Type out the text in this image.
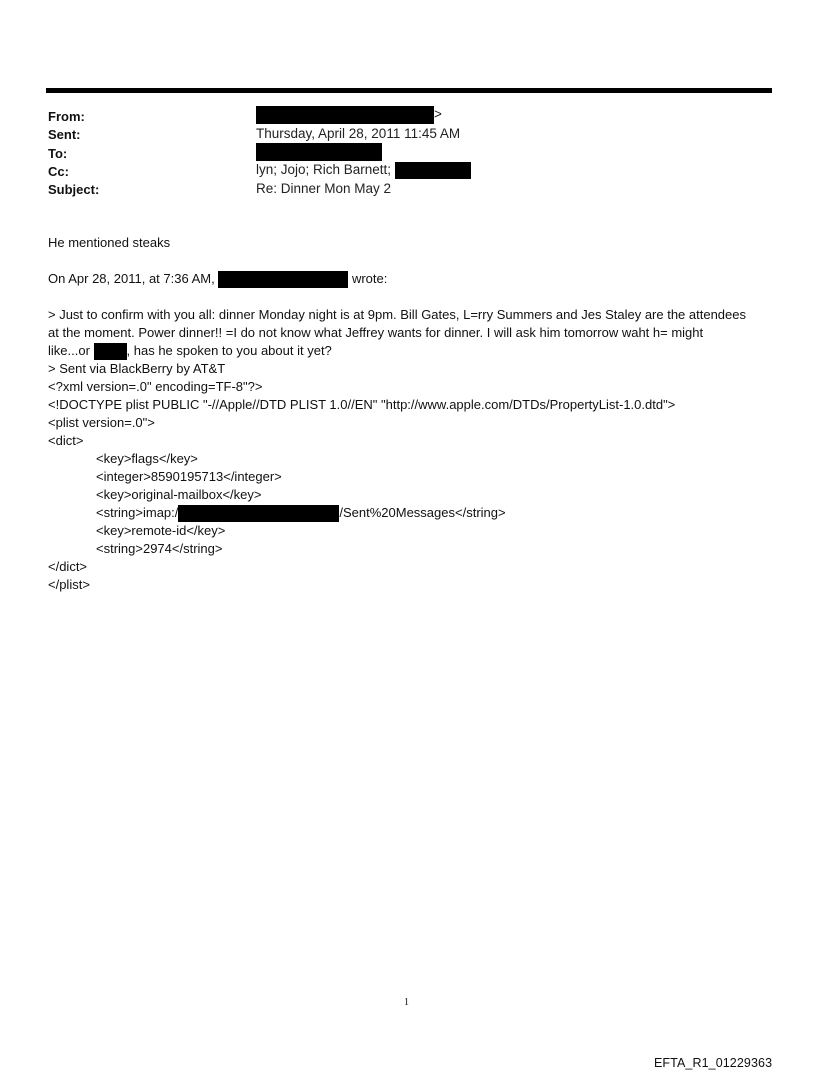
From:	>
Sent:	Thursday, April 28, 2011 11:45 AM
To:
Cc:	lyn; Jojo; Rich Barnett;
Subject:	Re: Dinner Mon May 2
He mentioned steaks
On Apr 28, 2011, at 7:36 AM,	wrote:
> Just to confirm with you all: dinner Monday night is at 9pm. Bill Gates, L=rry Summers and Jes Staley are the attendees
at the moment. Power dinner!! =I do not know what Jeffrey wants for dinner. I will ask him tomorrow waht h= might
like...or	, has he spoken to you about it yet?
> Sent via BlackBerry by AT&T
<?xml version=.0" encoding=TF-8"?>
<!DOCTYPE plist PUBLIC "-//Apple//DTD PLIST 1.0//EN" "http://www.apple.com/DTDs/PropertyList-1.0.dtd">
<plist version=.0">
<dict>
<key>flags</key>
<integer>8590195713</integer>
<key>original-mailbox</key>
<string>imap:/	/Sent%20Messages</string>
<key>remote-id</key>
<string>2974</string>
</dict>
</plist>
1
EFTA_R1_01229363
